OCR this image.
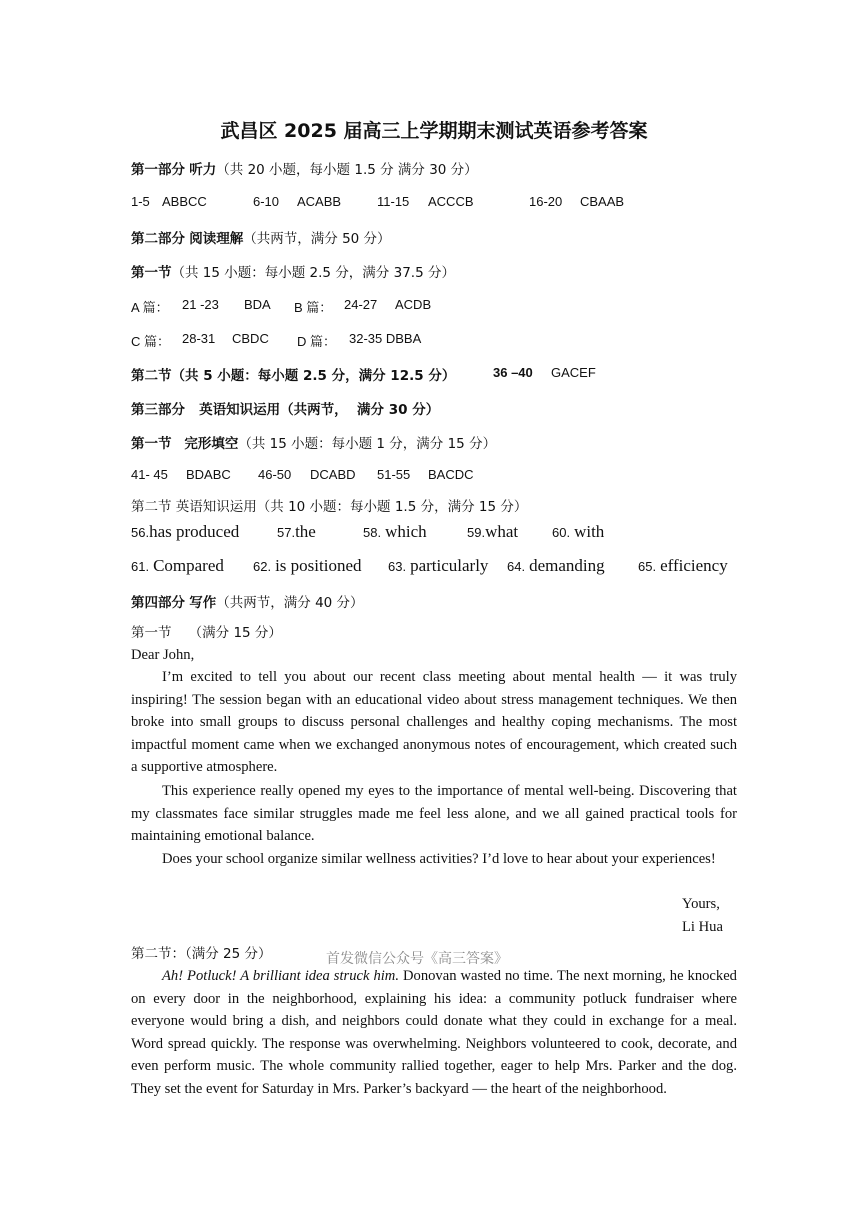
武昌区 2025 届高三上学期期末测试英语参考答案
第一部分 听力（共 20 小题，每小题 1.5 分 满分 30 分）
1-5 ABBCC	6-10 ACABB	11-15 ACCCB	16-20 CBAAB
第二部分 阅读理解（共两节，满分 50 分）
第一节（共 15 小题：每小题 2.5 分，满分 37.5 分）
A 篇： 21 -23 BDA B 篇： 24-27 ACDB
C 篇： 28-31 CBDC D 篇： 32-35 DBBA
第二节（共 5 小题：每小题 2.5 分，满分 12.5 分）	36 –40 GACEF
第三部分 英语知识运用（共两节， 满分 30 分）
第一节 完形填空（共 15 小题：每小题 1 分，满分 15 分）
41- 45 BDABC 46-50 DCABD 51-55 BACDC
第二节 英语知识运用（共 10 小题：每小题 1.5 分，满分 15 分）
56.has produced	57.the	58. which	59.what	60. with
61. Compared 62. is positioned 63. particularly 64. demanding	65. efficiency
第四部分 写作（共两节，满分 40 分）
第一节 （满分 15 分）
Dear John,
I’m excited to tell you about our recent class meeting about mental health — it was truly inspiring! The session began with an educational video about stress management techniques. We then broke into small groups to discuss personal challenges and healthy coping mechanisms. The most impactful moment came when we exchanged anonymous notes of encouragement, which created such a supportive atmosphere.
This experience really opened my eyes to the importance of mental well-being. Discovering that my classmates face similar struggles made me feel less alone, and we all gained practical tools for maintaining emotional balance.
Does your school organize similar wellness activities? I’d love to hear about your experiences!
Yours,
Li Hua
第二节：（满分 25 分）	首发微信公众号《高三答案》
Ah! Potluck! A brilliant idea struck him. Donovan wasted no time. The next morning, he knocked on every door in the neighborhood, explaining his idea: a community potluck fundraiser where everyone would bring a dish, and neighbors could donate what they could in exchange for a meal. Word spread quickly. The response was overwhelming. Neighbors volunteered to cook, decorate, and even perform music. The whole community rallied together, eager to help Mrs. Parker and the dog. They set the event for Saturday in Mrs. Parker’s backyard — the heart of the neighborhood.
